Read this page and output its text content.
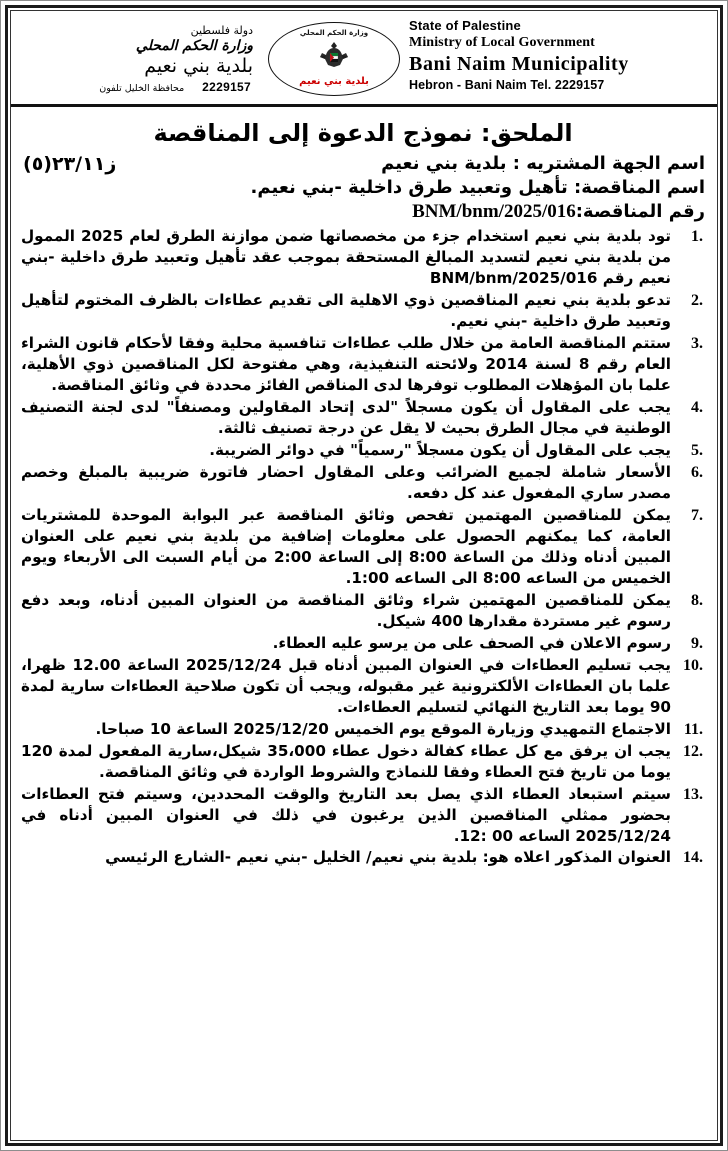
State of Palestine
Ministry of Local Government
Bani Naim Municipality
Hebron - Bani Naim Tel. 2229157
وزارة الحكم المحلي
بلدية بني نعيم
دولة فلسطين
وزارة الحكم المحلي
بلدية بني نعيم
2229157
محافظة الخليل تلفون
الملحق: نموذج الدعوة إلى المناقصة
ز٢٣/١١(٥)	اسم الجهة المشتريه : بلدية بني نعيم
اسم المناقصة: تأهيل وتعبيد طرق داخلية -بني نعيم.
رقم المناقصة:BNM/bnm/2025/016
تود بلدية بني نعيم استخدام جزء من مخصصاتها ضمن موازنة الطرق لعام 2025 الممول من بلدية بني نعيم لتسديد المبالغ المستحقة بموجب عقد تأهيل وتعبيد طرق داخلية -بني نعيم رقم BNM/bnm/2025/016
تدعو بلدية بني نعيم المناقصين ذوي الاهلية الى تقديم عطاءات بالظرف المختوم لتأهيل وتعبيد طرق داخلية -بني نعيم.
ستتم المناقصة العامة من خلال طلب عطاءات تنافسية محلية وفقا لأحكام قانون الشراء العام رقم 8 لسنة 2014 ولائحته التنفيذية، وهي مفتوحة لكل المناقصين ذوي الأهلية، علما بان المؤهلات المطلوب توفرها لدى المناقص الفائز محددة في وثائق المناقصة.
يجب على المقاول أن يكون مسجلاً "لدى إتحاد المقاولين ومصنفاً" لدى لجنة التصنيف الوطنية في مجال الطرق بحيث لا يقل عن درجة تصنيف ثالثة.
يجب على المقاول أن يكون مسجلاً "رسمياً" في دوائر الضريبة.
الأسعار شاملة لجميع الضرائب وعلى المقاول احضار فاتورة ضريبية بالمبلغ وخصم مصدر ساري المفعول عند كل دفعه.
يمكن للمناقصين المهتمين تفحص وثائق المناقصة عبر البوابة الموحدة للمشتريات العامة، كما يمكنهم الحصول على معلومات إضافية من بلدية بني نعيم على العنوان المبين أدناه وذلك من الساعة 8:00 إلى الساعة 2:00 من أيام السبت الى الأربعاء ويوم الخميس من الساعه 8:00 الى الساعه 1:00.
يمكن للمناقصين المهتمين شراء وثائق المناقصة من العنوان المبين أدناه، وبعد دفع رسوم غير مستردة مقدارها 400 شيكل.
رسوم الاعلان في الصحف على من يرسو عليه العطاء.
يجب تسليم العطاءات في العنوان المبين أدناه قبل 2025/12/24 الساعة 12.00 ظهرا، علما بان العطاءات الألكترونية غير مقبوله، ويجب أن تكون صلاحية العطاءات سارية لمدة 90 يوما بعد التاريخ النهائي لتسليم العطاءات.
الاجتماع التمهيدي وزيارة الموقع يوم الخميس 2025/12/20 الساعة 10 صباحا.
يجب ان يرفق مع كل عطاء كفالة دخول عطاء 35،000 شيكل،سارية المفعول لمدة 120 يوما من تاريخ فتح العطاء وفقا للنماذج والشروط الواردة في وثائق المناقصة.
سيتم استبعاد العطاء الذي يصل بعد التاريخ والوقت المحددين، وسيتم فتح العطاءات بحضور ممثلي المناقصين الذين يرغبون في ذلك في العنوان المبين أدناه في 2025/12/24 الساعه 00 :12.
العنوان المذكور اعلاه هو: بلدية بني نعيم/ الخليل -بني نعيم -الشارع الرئيسي
